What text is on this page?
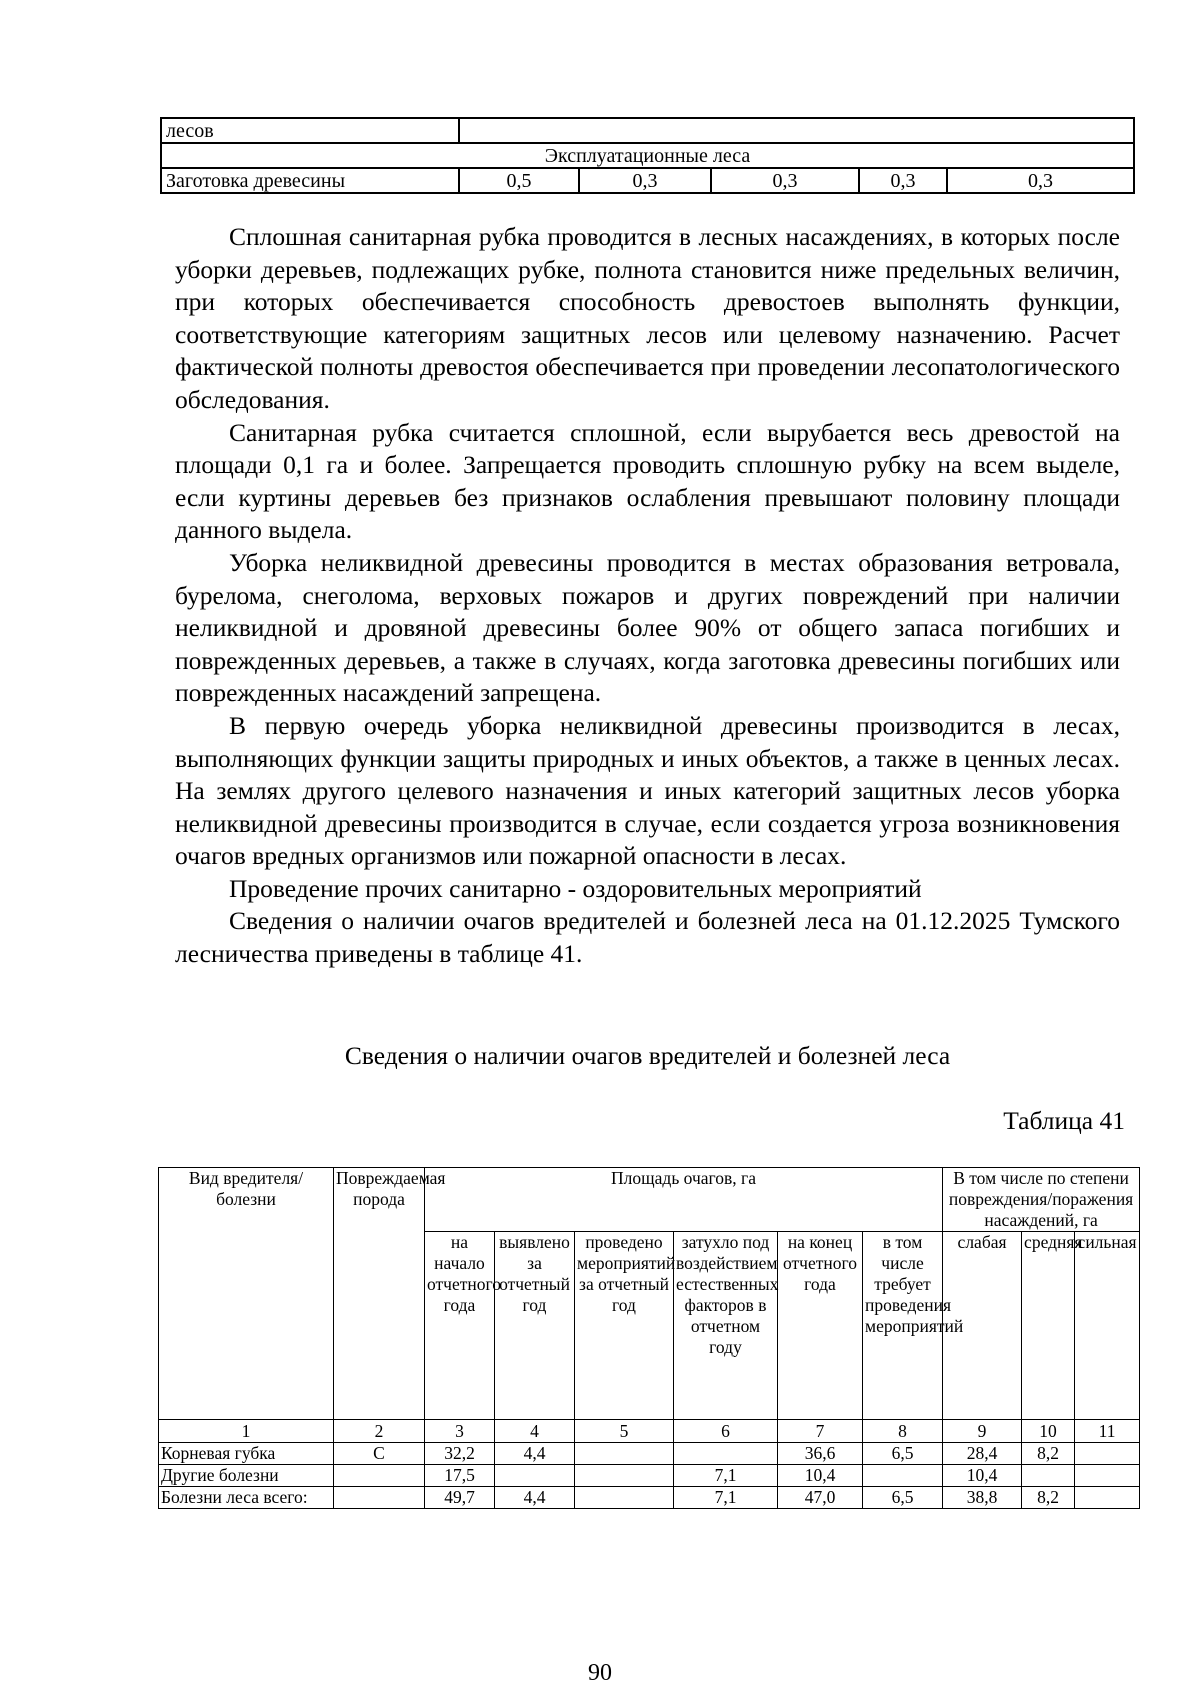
лесов					
Эксплуатационные леса					
Заготовка древесины	0,5	0,3	0,3	0,3	0,3

Сплошная санитарная рубка проводится в лесных насаждениях, в которых после уборки деревьев, подлежащих рубке, полнота становится ниже предельных величин, при которых обеспечивается способность древостоев выполнять функции, соответствующие категориям защитных лесов или целевому назначению. Расчет фактической полноты древостоя обеспечивается при проведении лесопатологического обследования.

Санитарная рубка считается сплошной, если вырубается весь древостой на площади 0,1 га и более. Запрещается проводить сплошную рубку на всем выделе, если куртины деревьев без признаков ослабления превышают половину площади данного выдела.

Уборка неликвидной древесины проводится в местах образования ветровала, бурелома, снеголома, верховых пожаров и других повреждений при наличии неликвидной и дровяной древесины более 90% от общего запаса погибших и поврежденных деревьев, а также в случаях, когда заготовка древесины погибших или поврежденных насаждений запрещена.

В первую очередь уборка неликвидной древесины производится в лесах, выполняющих функции защиты природных и иных объектов, а также в ценных лесах. На землях другого целевого назначения и иных категорий защитных лесов уборка неликвидной древесины производится в случае, если создается угроза возникновения очагов вредных организмов или пожарной опасности в лесах.

Проведение прочих санитарно - оздоровительных мероприятий

Сведения о наличии очагов вредителей и болезней леса на 01.12.2025 Тумского лесничества приведены в таблице 41.

Сведения о наличии очагов вредителей и болезней леса
Таблица 41
Вид вредителя/болезни	Повреждаемая порода	Площадь очагов, га						В том числе по степени повреждения/поражения насаждений, га		
		на начало отчетного года	выявлено за отчетный год	проведено мероприятий за отчетный год	затухло под воздействием естественных факторов в отчетном году	на конец отчетного года	в том числе требует проведения мероприятий	слабая	средняя	сильная
1	2	3	4	5	6	7	8	9	10	11
Корневая губка	С	32,2	4,4			36,6	6,5	28,4	8,2	
Другие болезни		17,5			7,1	10,4		10,4		
Болезни леса всего:		49,7	4,4		7,1	47,0	6,5	38,8	8,2	
90
